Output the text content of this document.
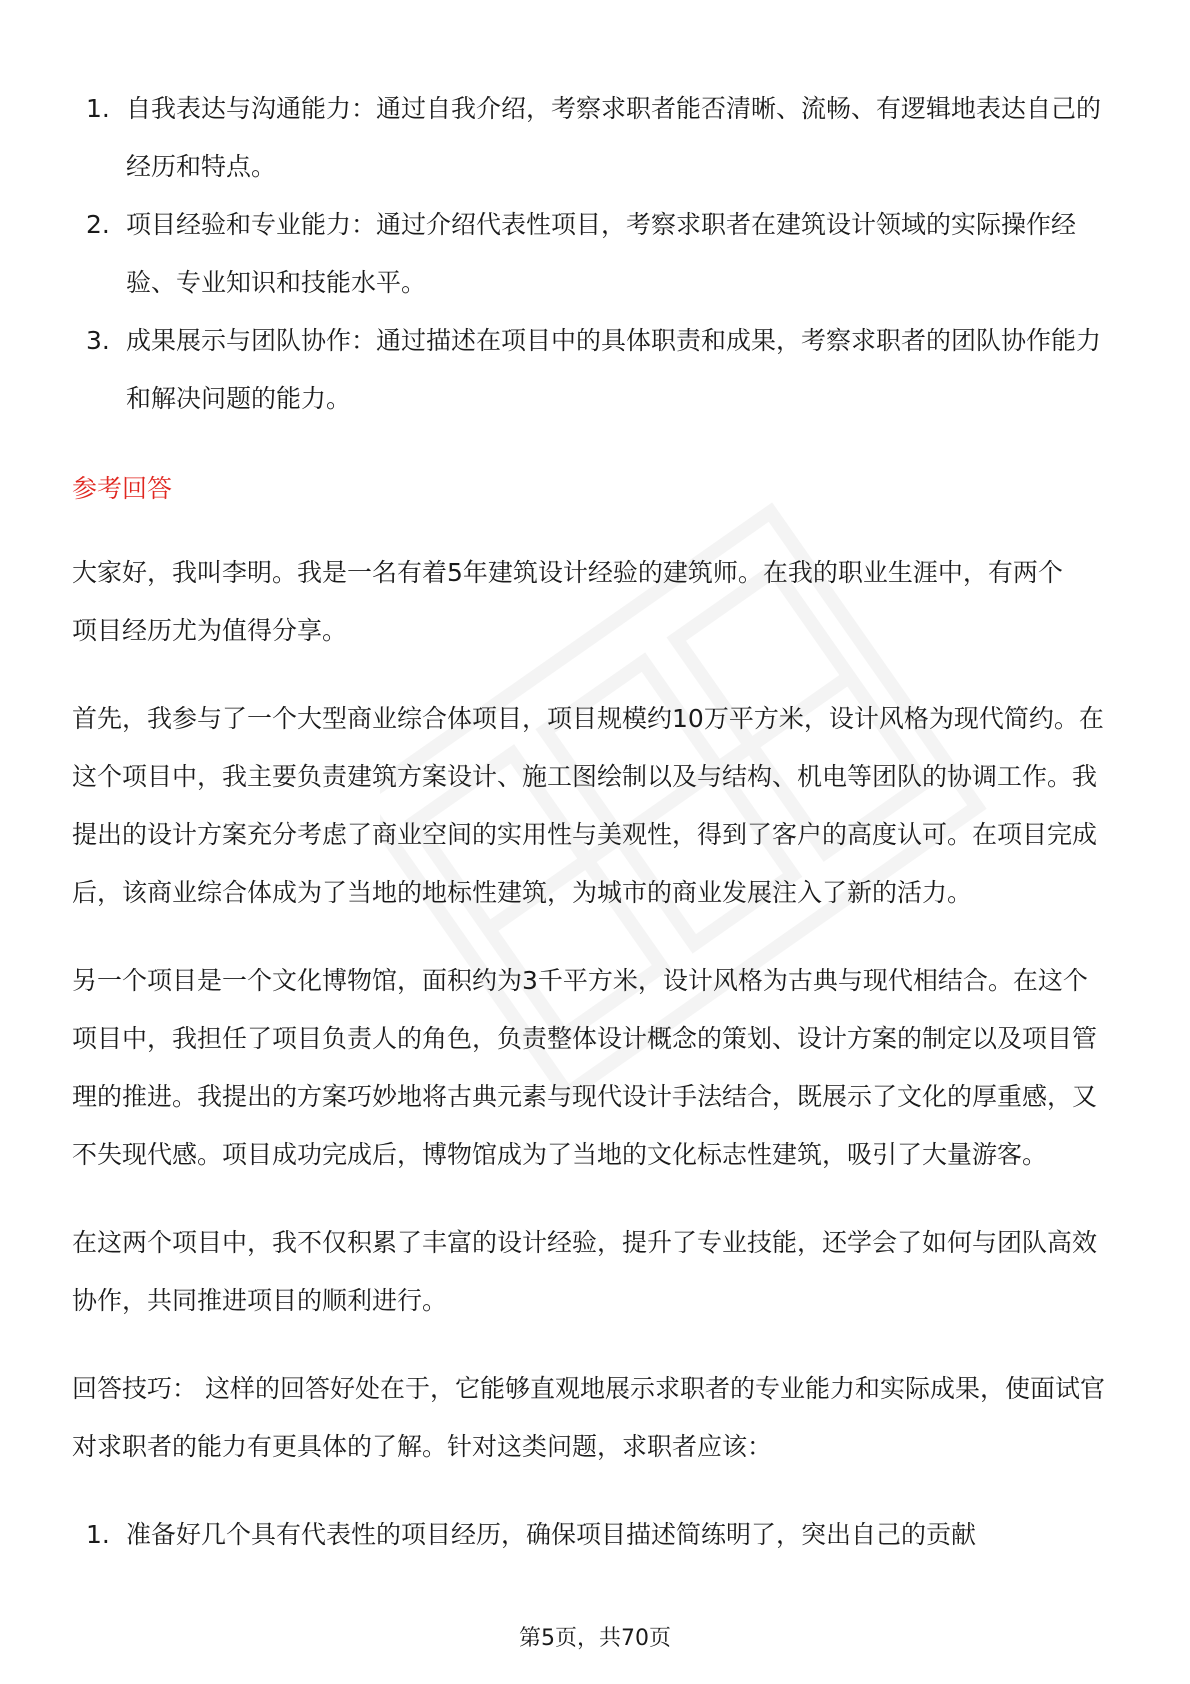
1. 自我表达与沟通能力：通过自我介绍，考察求职者能否清晰、流畅、有逻辑地表达自己的经历和特点。
2. 项目经验和专业能力：通过介绍代表性项目，考察求职者在建筑设计领域的实际操作经验、专业知识和技能水平。
3. 成果展示与团队协作：通过描述在项目中的具体职责和成果，考察求职者的团队协作能力和解决问题的能力。
参考回答

大家好，我叫李明。我是一名有着5年建筑设计经验的建筑师。在我的职业生涯中，有两个项目经历尤为值得分享。

首先，我参与了一个大型商业综合体项目，项目规模约10万平方米，设计风格为现代简约。在这个项目中，我主要负责建筑方案设计、施工图绘制以及与结构、机电等团队的协调工作。我提出的设计方案充分考虑了商业空间的实用性与美观性，得到了客户的高度认可。在项目完成后，该商业综合体成为了当地的地标性建筑，为城市的商业发展注入了新的活力。

另一个项目是一个文化博物馆，面积约为3千平方米，设计风格为古典与现代相结合。在这个项目中，我担任了项目负责人的角色，负责整体设计概念的策划、设计方案的制定以及项目管理的推进。我提出的方案巧妙地将古典元素与现代设计手法结合，既展示了文化的厚重感，又不失现代感。项目成功完成后，博物馆成为了当地的文化标志性建筑，吸引了大量游客。

在这两个项目中，我不仅积累了丰富的设计经验，提升了专业技能，还学会了如何与团队高效协作，共同推进项目的顺利进行。

回答技巧： 这样的回答好处在于，它能够直观地展示求职者的专业能力和实际成果，使面试官对求职者的能力有更具体的了解。针对这类问题，求职者应该：

1. 准备好几个具有代表性的项目经历，确保项目描述简练明了，突出自己的贡献
第5页，共70页
